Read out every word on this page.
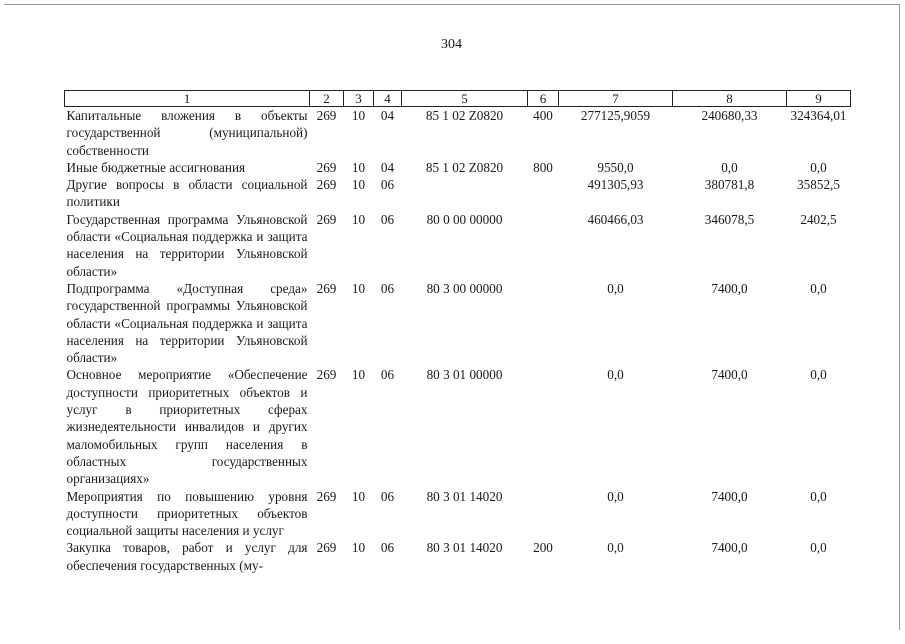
304
1	2	3	4	5	6	7	8	9
Капитальные вложения в объекты государственной (муниципальной) собственности	269	10	04	85 1 02 Z0820	400	277125,9059	240680,33	324364,01
Иные бюджетные ассигнования	269	10	04	85 1 02 Z0820	800	9550,0	0,0	0,0
Другие вопросы в области социальной политики	269	10	06			491305,93	380781,8	35852,5
Государственная программа Ульяновской области «Социальная поддержка и защита населения на территории Ульяновской области»	269	10	06	80 0 00 00000		460466,03	346078,5	2402,5
Подпрограмма «Доступная среда» государственной программы Ульяновской области «Социальная поддержка и защита населения на территории Ульяновской области»	269	10	06	80 3 00 00000		0,0	7400,0	0,0
Основное мероприятие «Обеспечение доступности приоритетных объектов и услуг в приоритетных сферах жизнедеятельности инвалидов и других маломобильных групп населения в областных государственных организациях»	269	10	06	80 3 01 00000		0,0	7400,0	0,0
Мероприятия по повышению уровня доступности приоритетных объектов социальной защиты населения и услуг	269	10	06	80 3 01 14020		0,0	7400,0	0,0
Закупка товаров, работ и услуг для обеспечения государственных (му-	269	10	06	80 3 01 14020	200	0,0	7400,0	0,0
